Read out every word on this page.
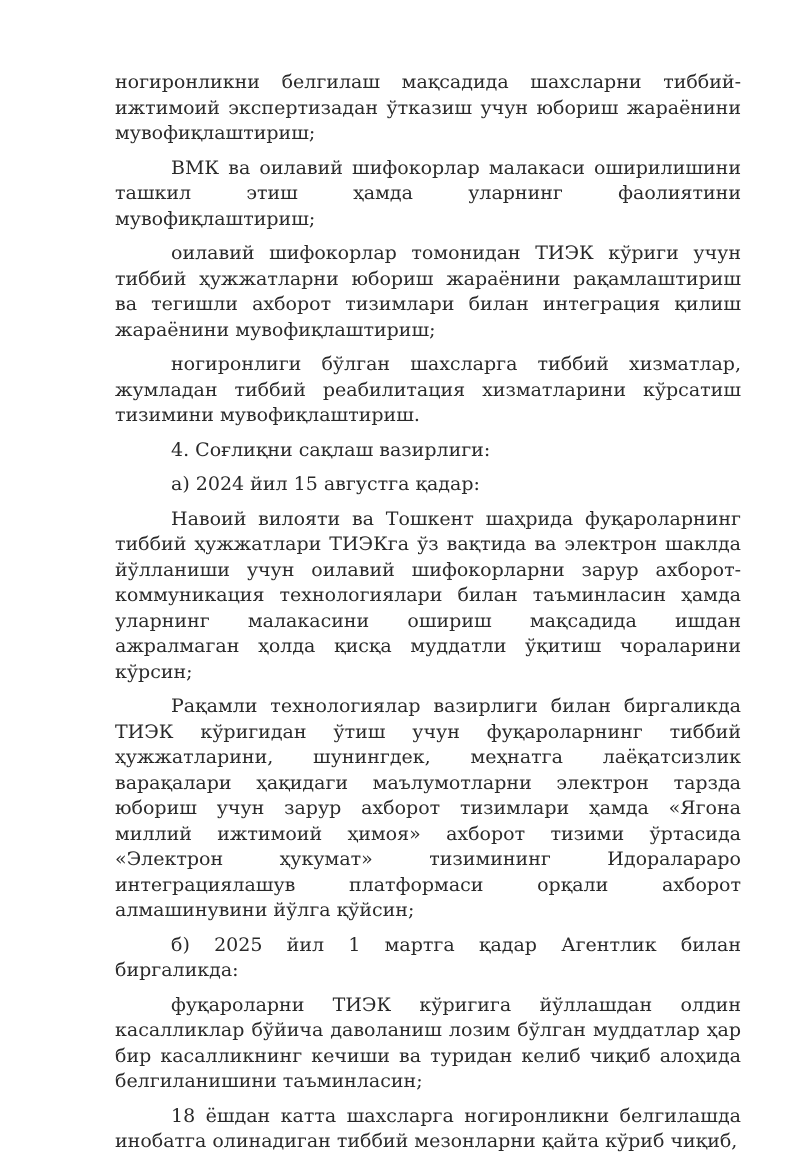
ногиронликни белгилаш мақсадида шахсларни тиббий-ижтимоий экспертизадан ўтказиш учун юбориш жараёнини мувофиқлаштириш;

ВМК ва оилавий шифокорлар малакаси оширилишини ташкил этиш ҳамда уларнинг фаолиятини мувофиқлаштириш;

оилавий шифокорлар томонидан ТИЭК кўриги учун тиббий ҳужжатларни юбориш жараёнини рақамлаштириш ва тегишли ахборот тизимлари билан интеграция қилиш жараёнини мувофиқлаштириш;

ногиронлиги бўлган шахсларга тиббий хизматлар, жумладан тиббий реабилитация хизматларини кўрсатиш тизимини мувофиқлаштириш.

4. Соғлиқни сақлаш вазирлиги:

а) 2024 йил 15 августга қадар:

Навоий вилояти ва Тошкент шаҳрида фуқароларнинг тиббий ҳужжатлари ТИЭКга ўз вақтида ва электрон шаклда йўлланиши учун оилавий шифокорларни зарур ахборот-коммуникация технологиялари билан таъминласин ҳамда уларнинг малакасини ошириш мақсадида ишдан ажралмаган ҳолда қисқа муддатли ўқитиш чораларини кўрсин;

Рақамли технологиялар вазирлиги билан биргаликда ТИЭК кўригидан ўтиш учун фуқароларнинг тиббий ҳужжатларини, шунингдек, меҳнатга лаёқатсизлик варақалари ҳақидаги маълумотларни электрон тарзда юбориш учун зарур ахборот тизимлари ҳамда «Ягона миллий ижтимоий ҳимоя» ахборот тизими ўртасида «Электрон ҳукумат» тизимининг Идоралараро интеграциялашув платформаси орқали ахборот алмашинувини йўлга қўйсин;

б) 2025 йил 1 мартга қадар Агентлик билан биргаликда:

фуқароларни ТИЭК кўригига йўллашдан олдин касалликлар бўйича даволаниш лозим бўлган муддатлар ҳар бир касалликнинг кечиши ва туридан келиб чиқиб алоҳида белгиланишини таъминласин;

18 ёшдан катта шахсларга ногиронликни белгилашда инобатга олинадиган тиббий мезонларни қайта кўриб чиқиб,
